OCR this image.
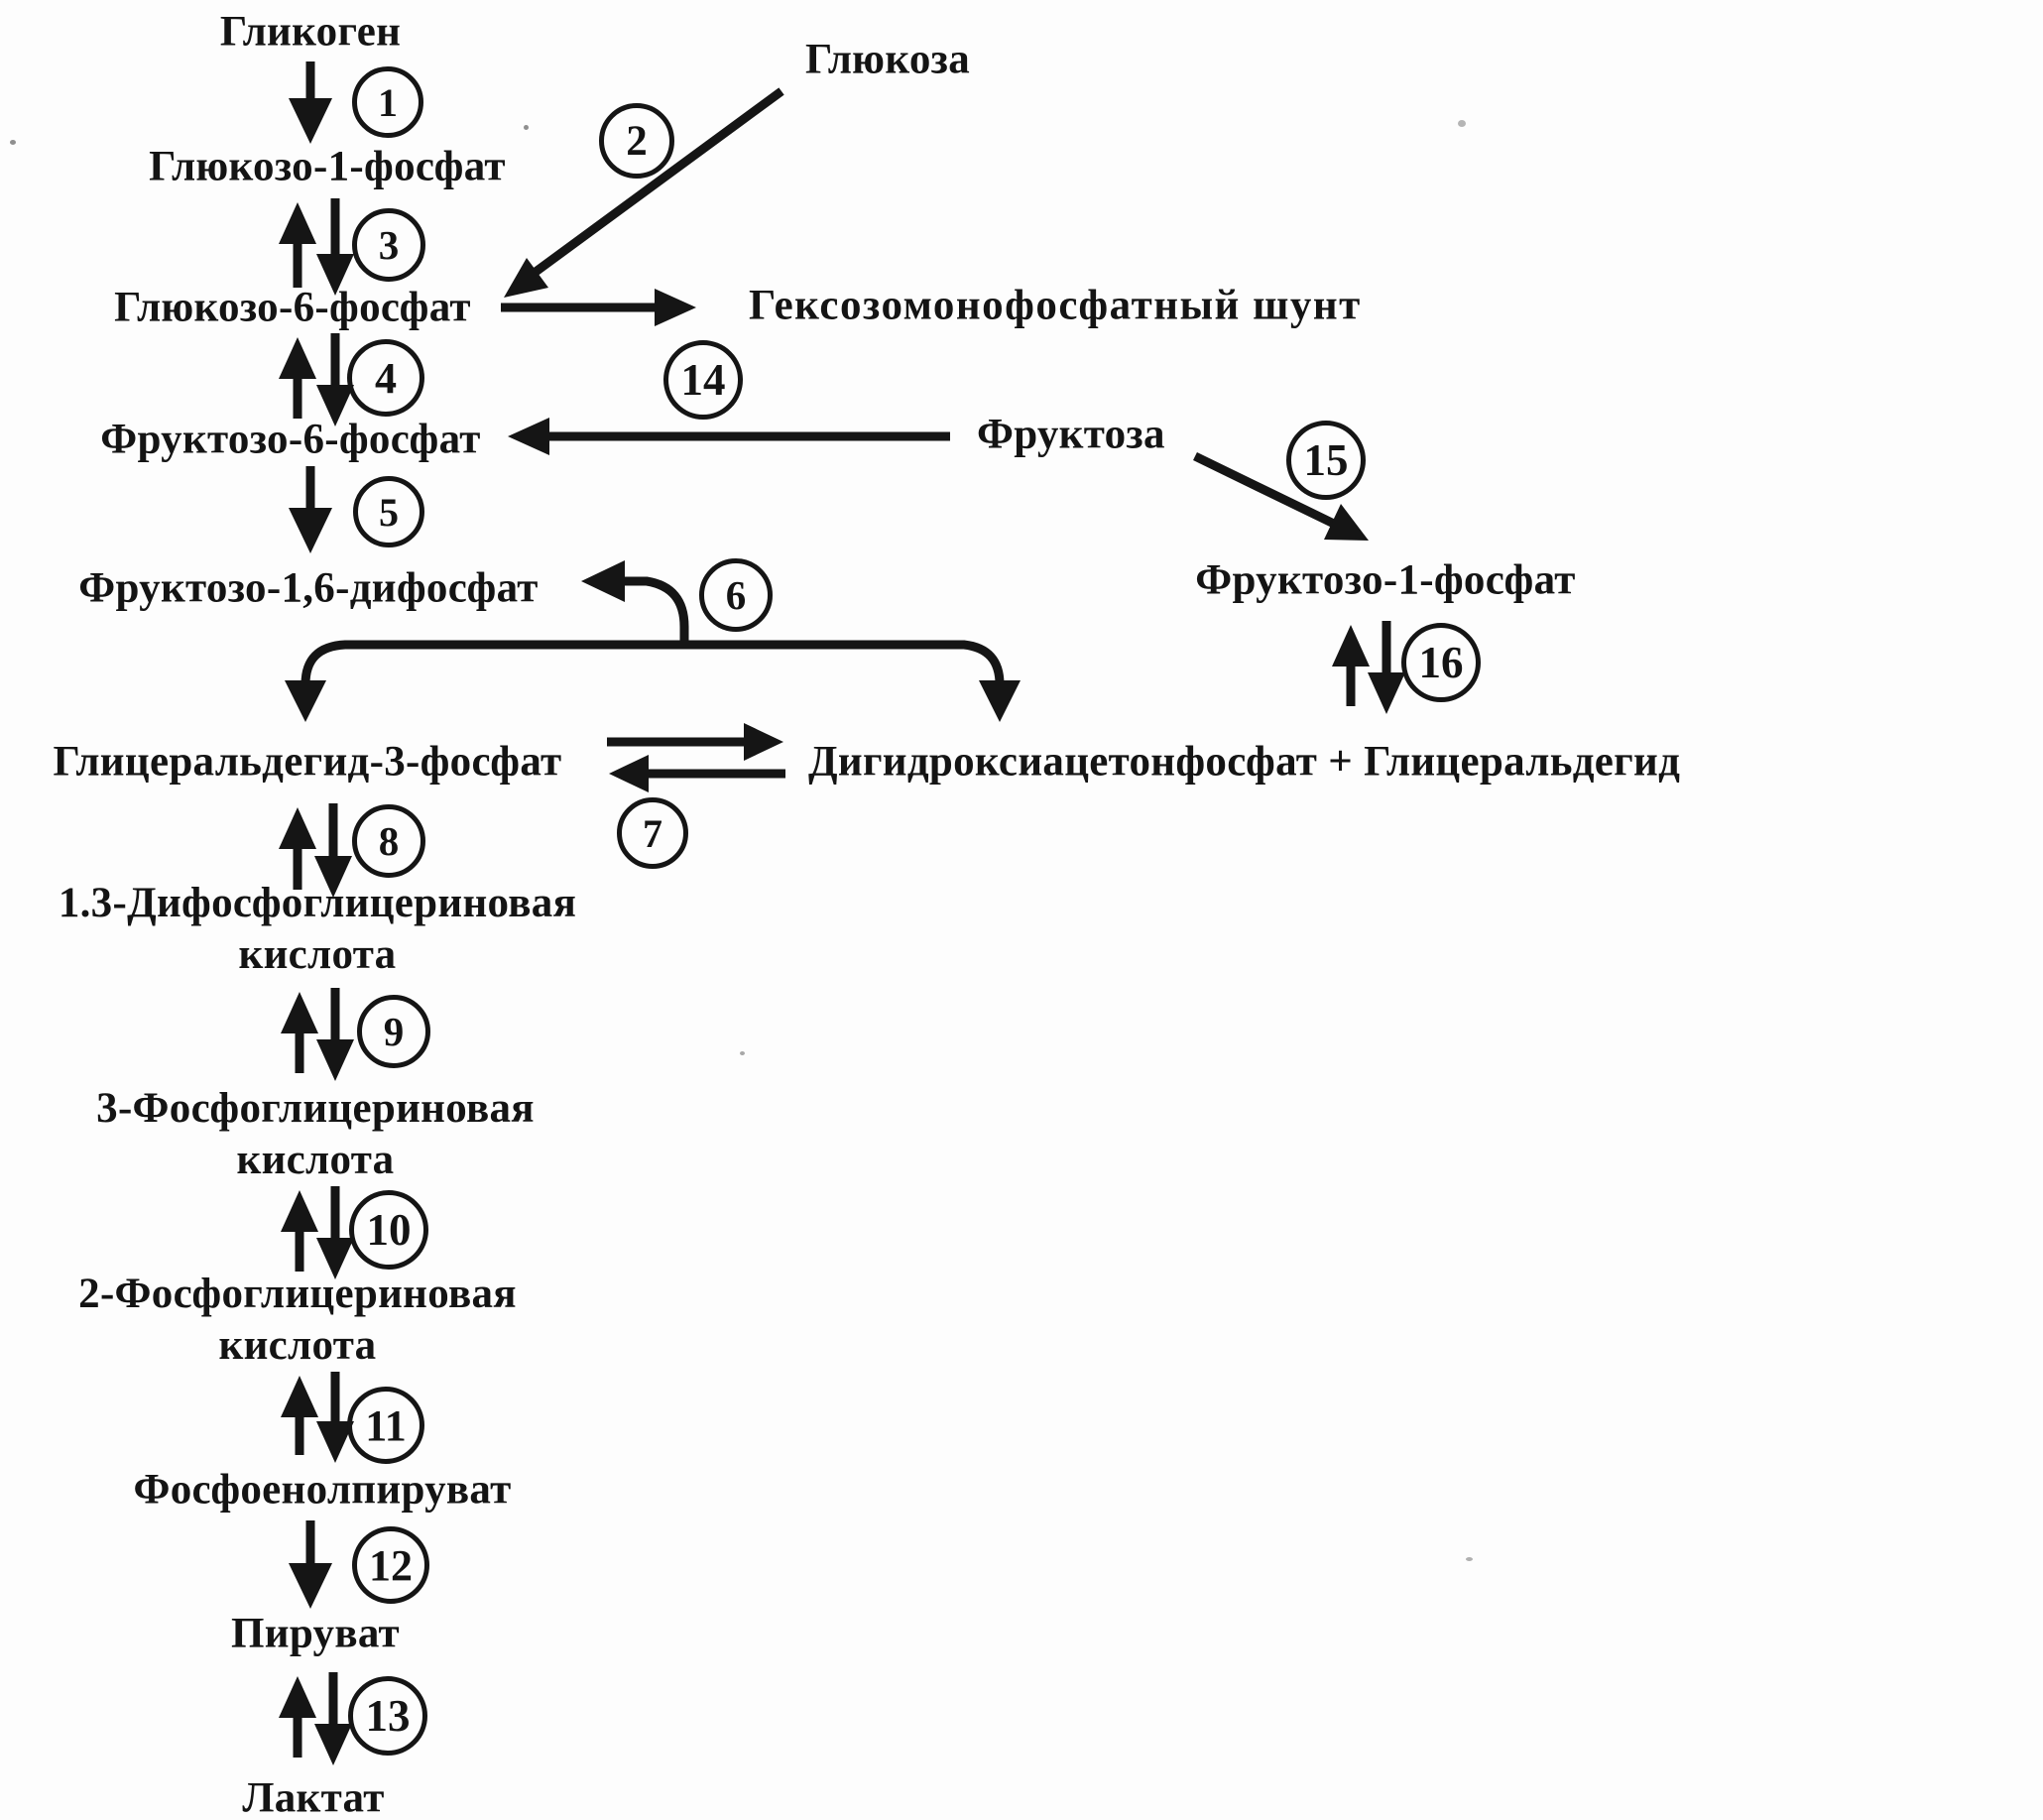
Гликоген
Глюкоза
Глюкозо-1-фосфат
Глюкозо-6-фосфат	Гексозомонофосфатный шунт
Фруктозо-6-фосфат	Фруктоза
Фруктозо-1,6-дифосфат	Фруктозо-1-фосфат
Глицеральдегид-3-фосфат	Дигидроксиацетонфосфат + Глицеральдегид
1.3-Дифосфоглицериновая
кислота
3-Фосфоглицериновая
кислота
2-Фосфоглицериновая
кислота
Фосфоенолпируват
Пируват
Лактат
1
2
3
4
5
6
7
8
9
10
11
12
13
14
15
16
